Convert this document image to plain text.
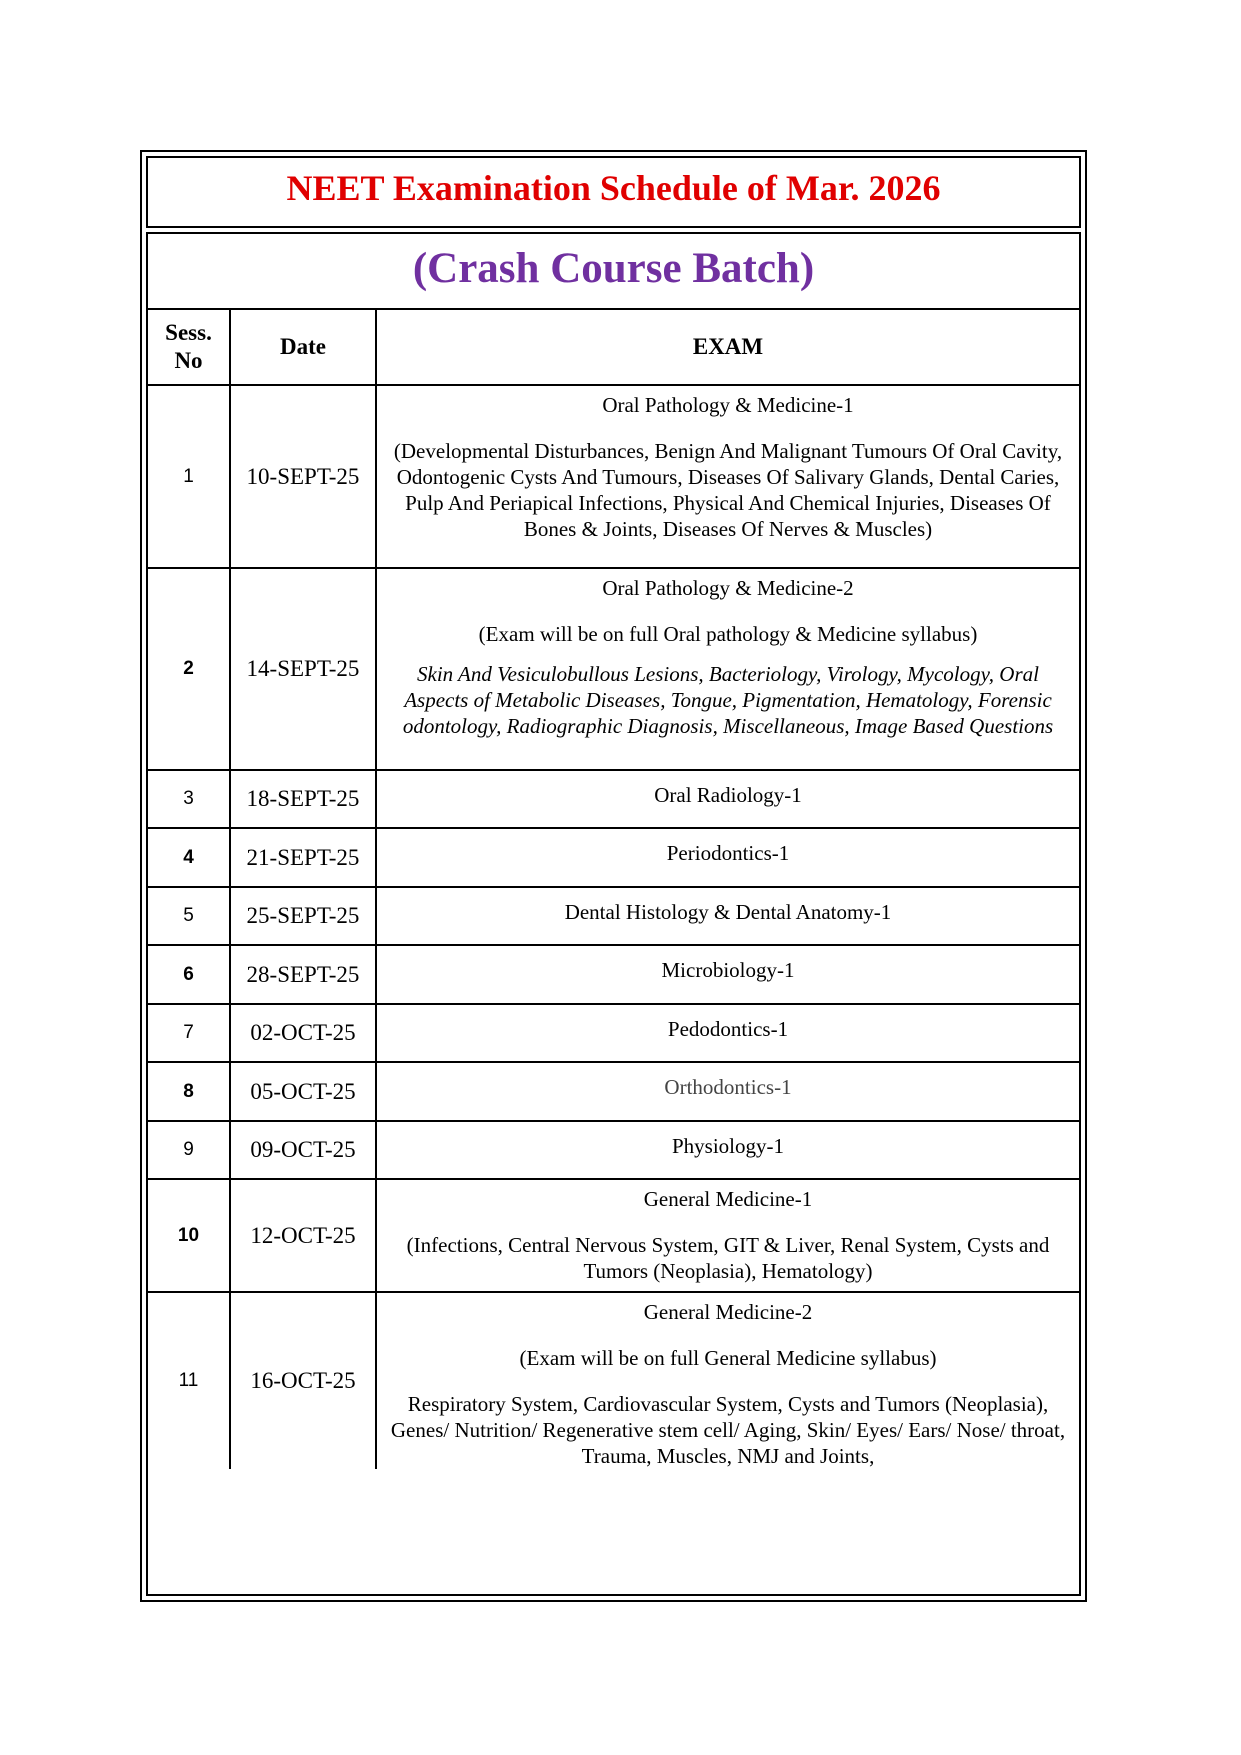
NEET Examination Schedule of Mar. 2026
(Crash Course Batch)
Sess.
No	Date	EXAM
1	10-SEPT-25	Oral Pathology & Medicine-1

(Developmental Disturbances, Benign And Malignant Tumours Of Oral Cavity, Odontogenic Cysts And Tumours, Diseases Of Salivary Glands, Dental Caries, Pulp And Periapical Infections, Physical And Chemical Injuries, Diseases Of Bones & Joints, Diseases Of Nerves & Muscles)

2	14-SEPT-25	Oral Pathology & Medicine-2

(Exam will be on full Oral pathology & Medicine syllabus)

Skin And Vesiculobullous Lesions, Bacteriology, Virology, Mycology, Oral Aspects of Metabolic Diseases, Tongue, Pigmentation, Hematology, Forensic odontology, Radiographic Diagnosis, Miscellaneous, Image Based Questions

3	18-SEPT-25	Oral Radiology-1
4	21-SEPT-25	Periodontics-1
5	25-SEPT-25	Dental Histology & Dental Anatomy-1
6	28-SEPT-25	Microbiology-1
7	02-OCT-25	Pedodontics-1
8	05-OCT-25	Orthodontics-1
9	09-OCT-25	Physiology-1
10	12-OCT-25	General Medicine-1

(Infections, Central Nervous System, GIT & Liver, Renal System, Cysts and Tumors (Neoplasia), Hematology)

11	16-OCT-25	General Medicine-2

(Exam will be on full General Medicine syllabus)

Respiratory System, Cardiovascular System, Cysts and Tumors (Neoplasia), Genes/ Nutrition/ Regenerative stem cell/ Aging, Skin/ Eyes/ Ears/ Nose/ throat, Trauma, Muscles, NMJ and Joints,
